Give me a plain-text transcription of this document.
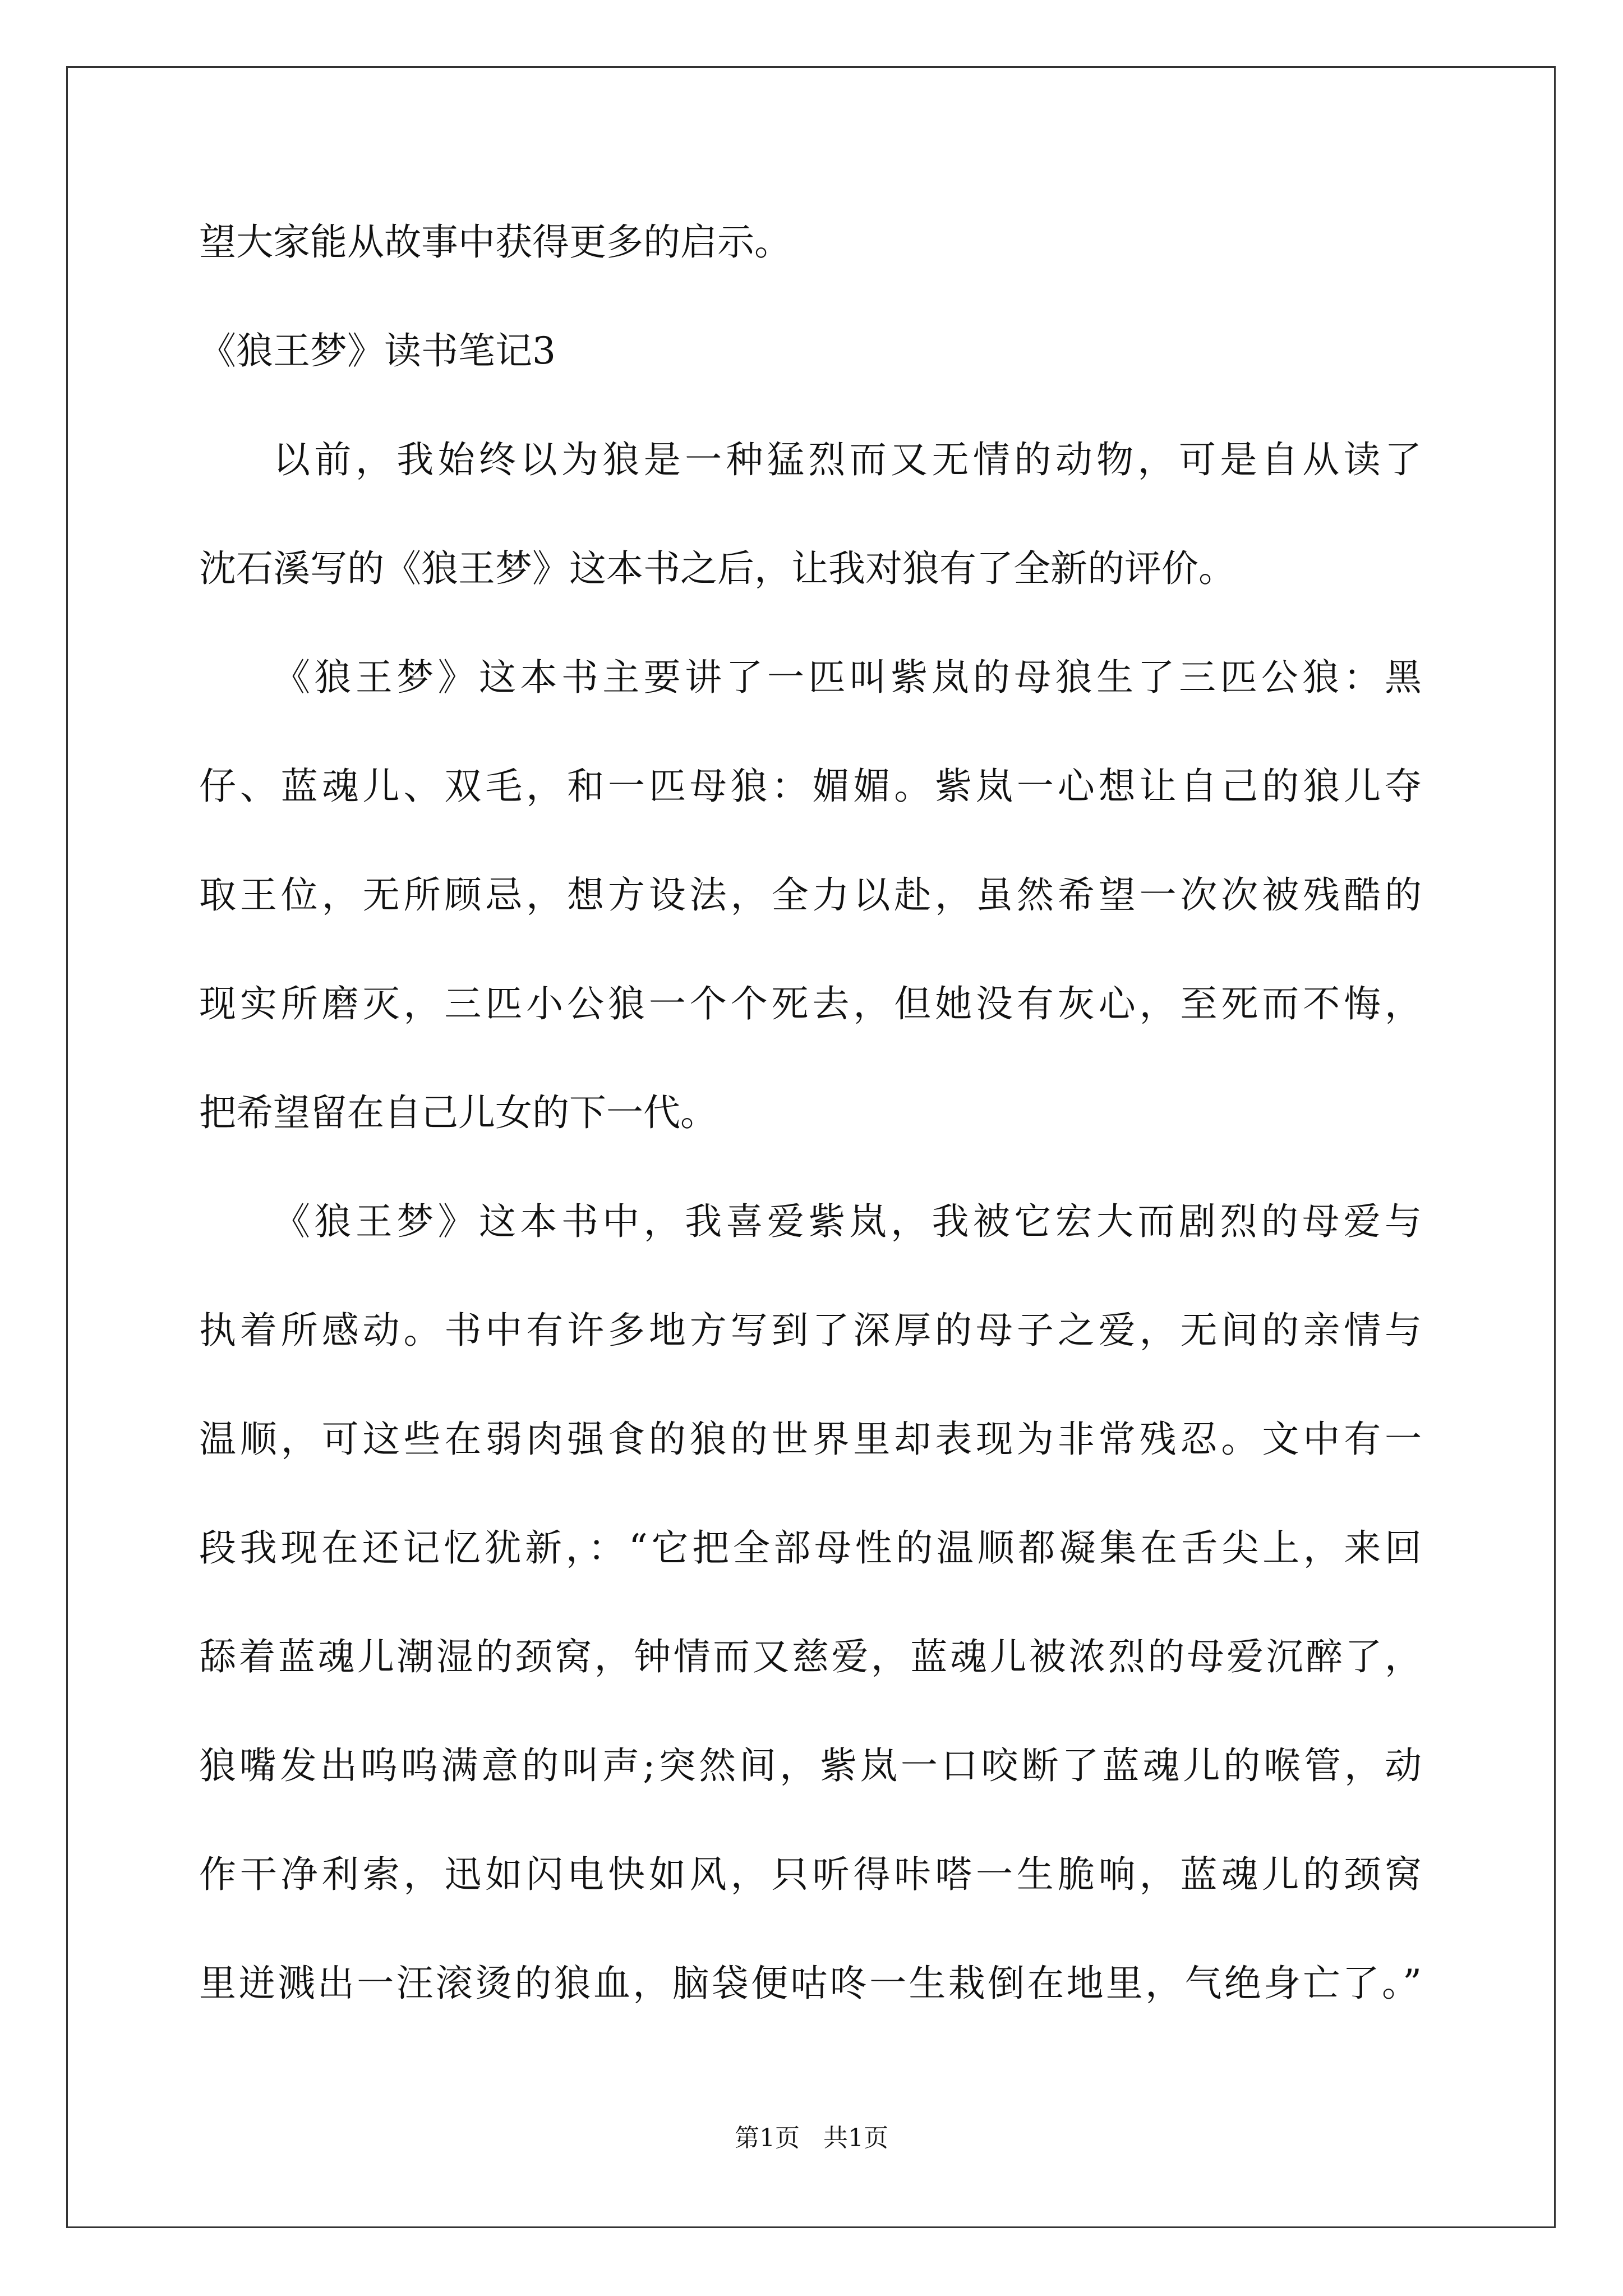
望大家能从故事中获得更多的启示。
《狼王梦》读书笔记3
以前，我始终以为狼是一种猛烈而又无情的动物，可是自从读了
沈石溪写的《狼王梦》这本书之后，让我对狼有了全新的评价。
《狼王梦》这本书主要讲了一匹叫紫岚的母狼生了三匹公狼：黑
仔、蓝魂儿、双毛，和一匹母狼：媚媚。紫岚一心想让自己的狼儿夺
取王位，无所顾忌，想方设法，全力以赴，虽然希望一次次被残酷的
现实所磨灭，三匹小公狼一个个死去，但她没有灰心，至死而不悔，
把希望留在自己儿女的下一代。
《狼王梦》这本书中，我喜爱紫岚，我被它宏大而剧烈的母爱与
执着所感动。书中有许多地方写到了深厚的母子之爱，无间的亲情与
温顺，可这些在弱肉强食的狼的世界里却表现为非常残忍。文中有一
段我现在还记忆犹新，：“它把全部母性的温顺都凝集在舌尖上，来回
舔着蓝魂儿潮湿的颈窝，钟情而又慈爱，蓝魂儿被浓烈的母爱沉醉了，
狼嘴发出呜呜满意的叫声;突然间，紫岚一口咬断了蓝魂儿的喉管，动
作干净利索，迅如闪电快如风，只听得咔嗒一生脆响，蓝魂儿的颈窝
里迸溅出一汪滚烫的狼血，脑袋便咕咚一生栽倒在地里，气绝身亡了。”
第1页 共1页
